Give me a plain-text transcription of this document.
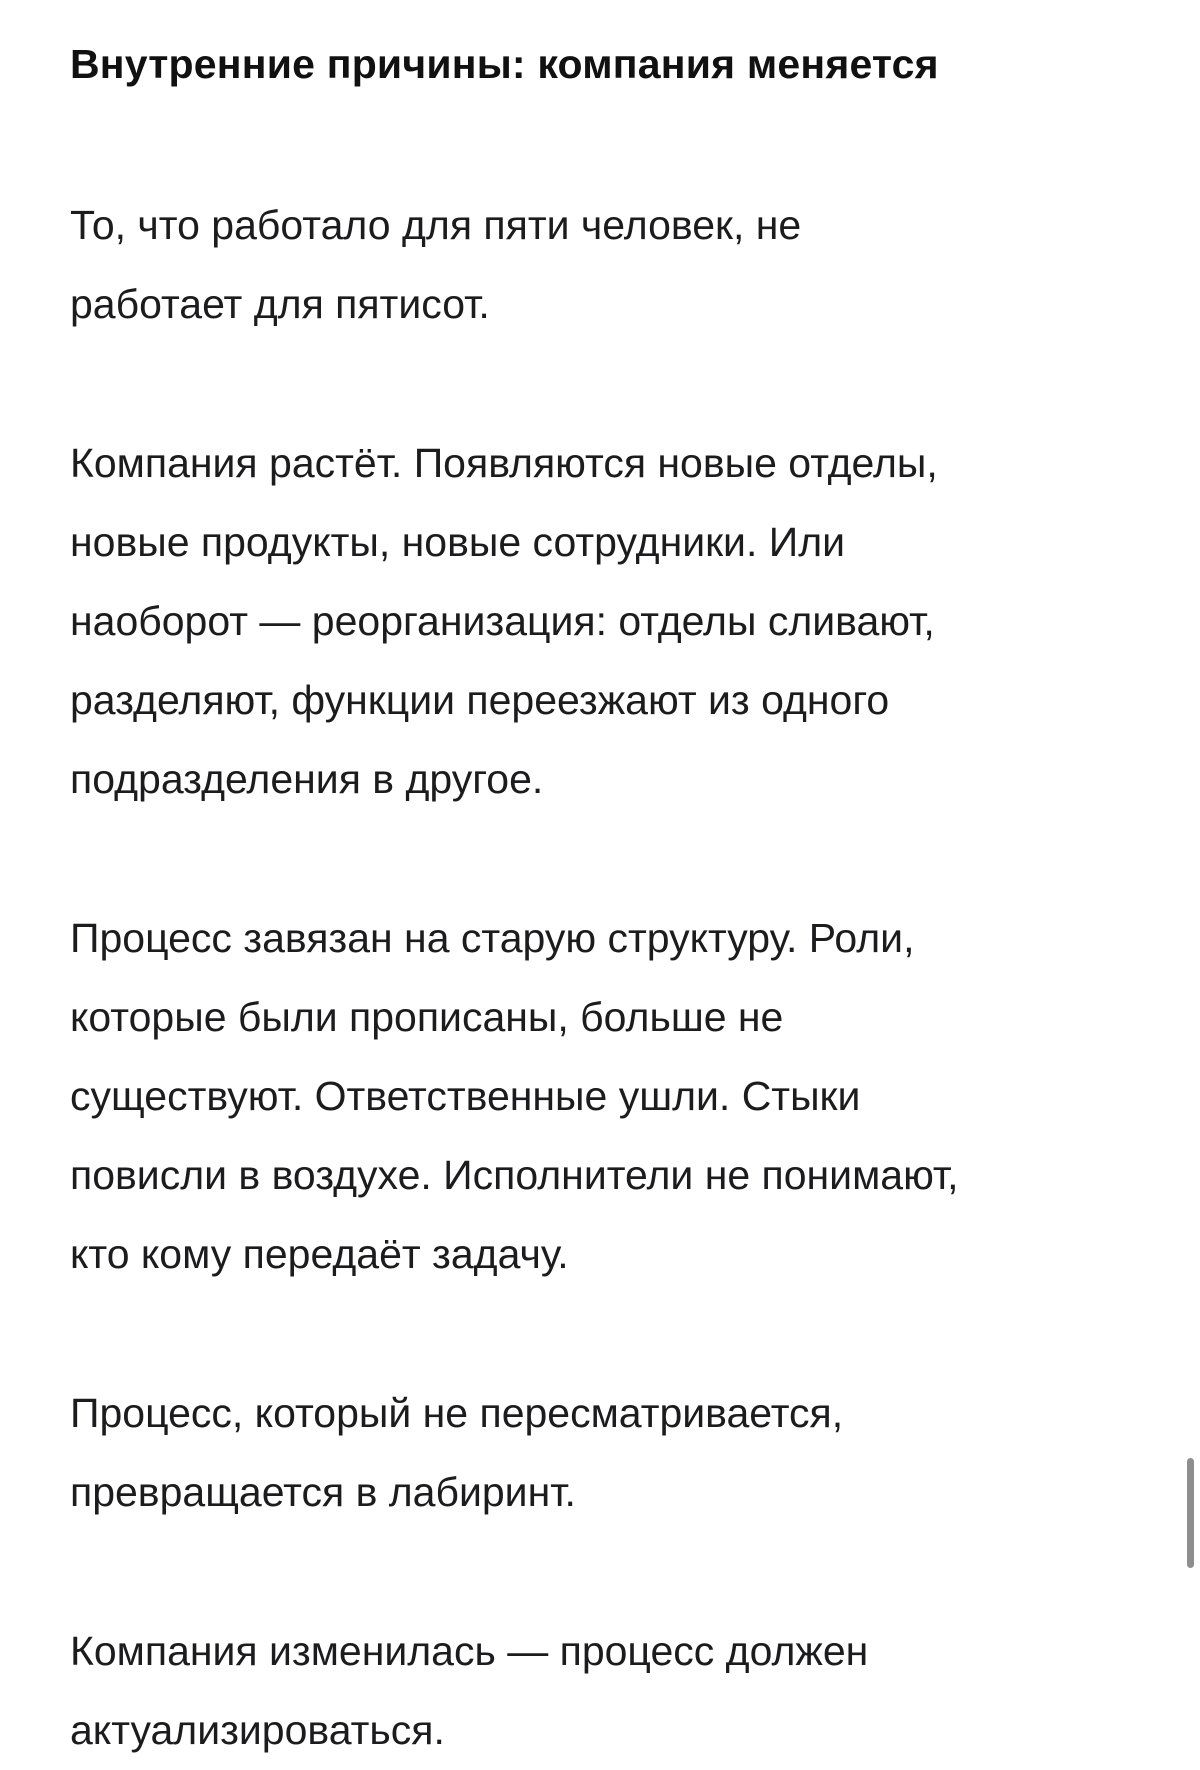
Внутренние причины: компания меняется

То, что работало для пяти человек, не
работает для пятисот.

Компания растёт. Появляются новые отделы,
новые продукты, новые сотрудники. Или
наоборот — реорганизация: отделы сливают,
разделяют, функции переезжают из одного
подразделения в другое.

Процесс завязан на старую структуру. Роли,
которые были прописаны, больше не
существуют. Ответственные ушли. Стыки
повисли в воздухе. Исполнители не понимают,
кто кому передаёт задачу.

Процесс, который не пересматривается,
превращается в лабиринт.

Компания изменилась — процесс должен
актуализироваться.
